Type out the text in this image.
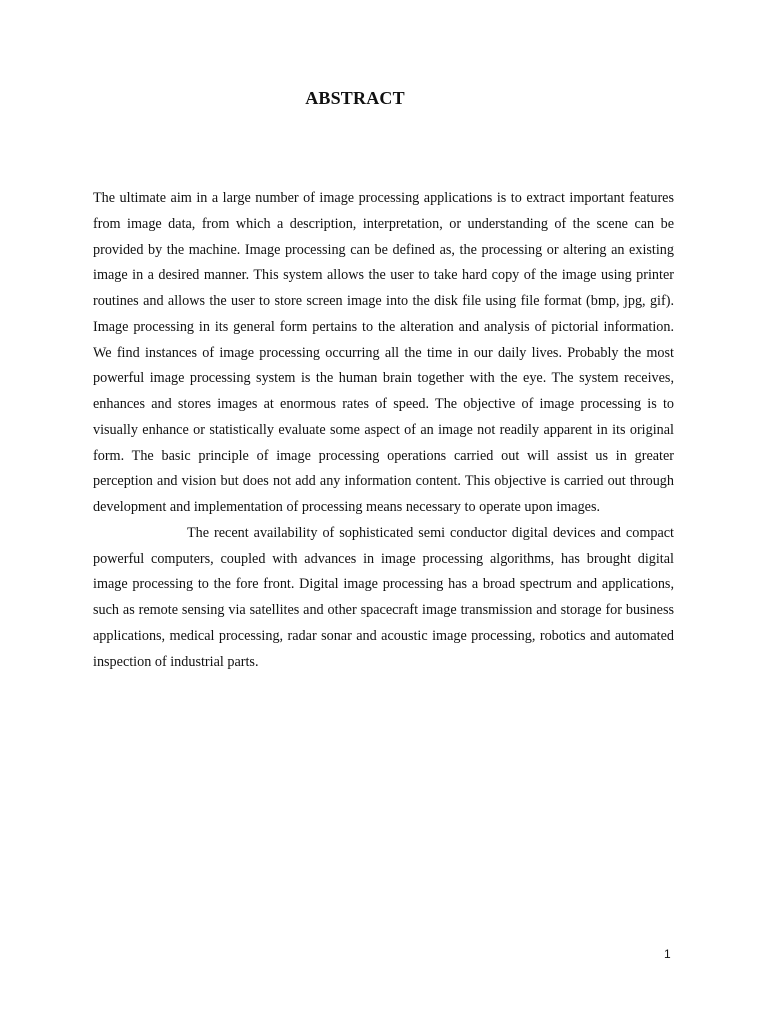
ABSTRACT

The ultimate aim in a large number of image processing applications is to extract important features from image data, from which a description, interpretation, or understanding of the scene can be provided by the machine. Image processing can be defined as, the processing or altering an existing image in a desired manner. This system allows the user to take hard copy of the image using printer routines and allows the user to store screen image into the disk file using file format (bmp, jpg, gif). Image processing in its general form pertains to the alteration and analysis of pictorial information. We find instances of image processing occurring all the time in our daily lives. Probably the most powerful image processing system is the human brain together with the eye. The system receives, enhances and stores images at enormous rates of speed. The objective of image processing is to visually enhance or statistically evaluate some aspect of an image not readily apparent in its original form. The basic principle of image processing operations carried out will assist us in greater perception and vision but does not add any information content. This objective is carried out through development and implementation of processing means necessary to operate upon images.

The recent availability of sophisticated semi conductor digital devices and compact powerful computers, coupled with advances in image processing algorithms, has brought digital image processing to the fore front. Digital image processing has a broad spectrum and applications, such as remote sensing via satellites and other spacecraft image transmission and storage for business applications, medical processing, radar sonar and acoustic image processing, robotics and automated inspection of industrial parts.

1
